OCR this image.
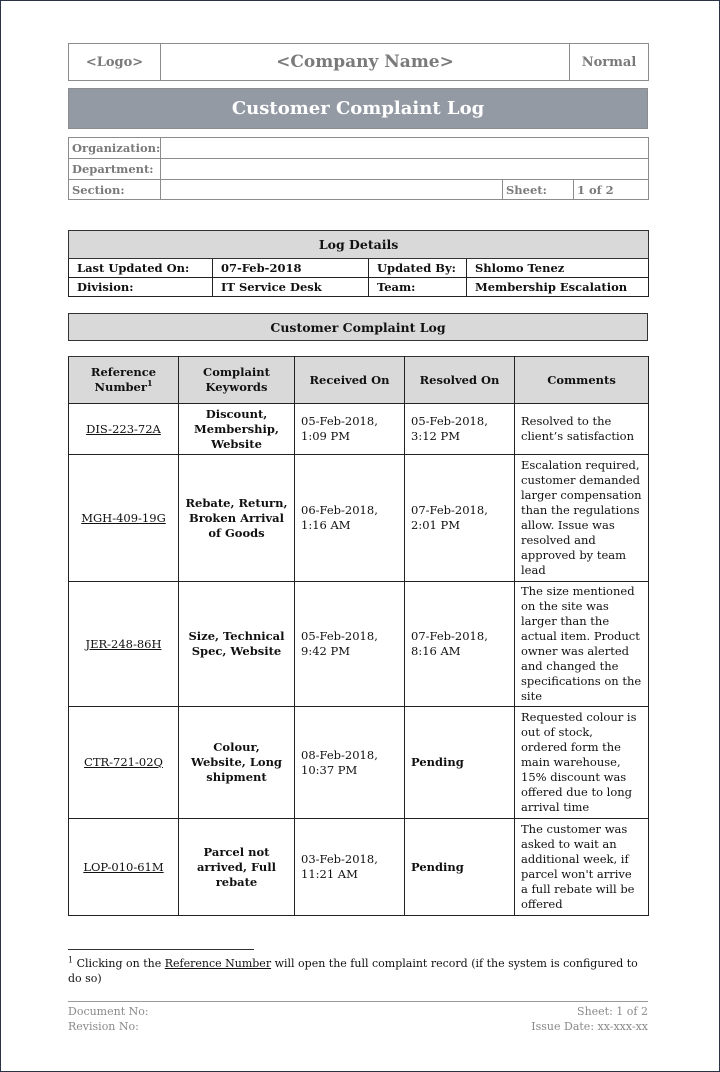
<Logo>	<Company Name>	Normal
Customer Complaint Log
Organization:			
Department:			
Section:		Sheet:	1 of 2
Log Details			
Last Updated On:	07-Feb-2018	Updated By:	Shlomo Tenez
Division:	IT Service Desk	Team:	Membership Escalation
Customer Complaint Log
Reference Number$^1$	Complaint Keywords	Received On	Resolved On	Comments
DIS-223-72A	Discount, Membership, Website	05-Feb-2018, 1:09 PM	05-Feb-2018, 3:12 PM	Resolved to the client’s satisfaction
MGH-409-19G	Rebate, Return, Broken Arrival of Goods	06-Feb-2018, 1:16 AM	07-Feb-2018, 2:01 PM	Escalation required, customer demanded larger compensation than the regulations allow. Issue was resolved and approved by team lead
JER-248-86H	Size, Technical Spec, Website	05-Feb-2018, 9:42 PM	07-Feb-2018, 8:16 AM	The size mentioned on the site was larger than the actual item. Product owner was alerted and changed the specifications on the site
CTR-721-02Q	Colour, Website, Long shipment	08-Feb-2018, 10:37 PM	Pending	Requested colour is out of stock, ordered form the main warehouse, 15% discount was offered due to long arrival time
LOP-010-61M	Parcel not arrived, Full rebate	03-Feb-2018, 11:21 AM	Pending	The customer was asked to wait an additional week, if parcel won't arrive a full rebate will be offered
$^1$ Clicking on the Reference Number will open the full complaint record (if the system is configured to do so)
Document No:
Revision No:
Sheet: 1 of 2
Issue Date: xx-xxx-xx
